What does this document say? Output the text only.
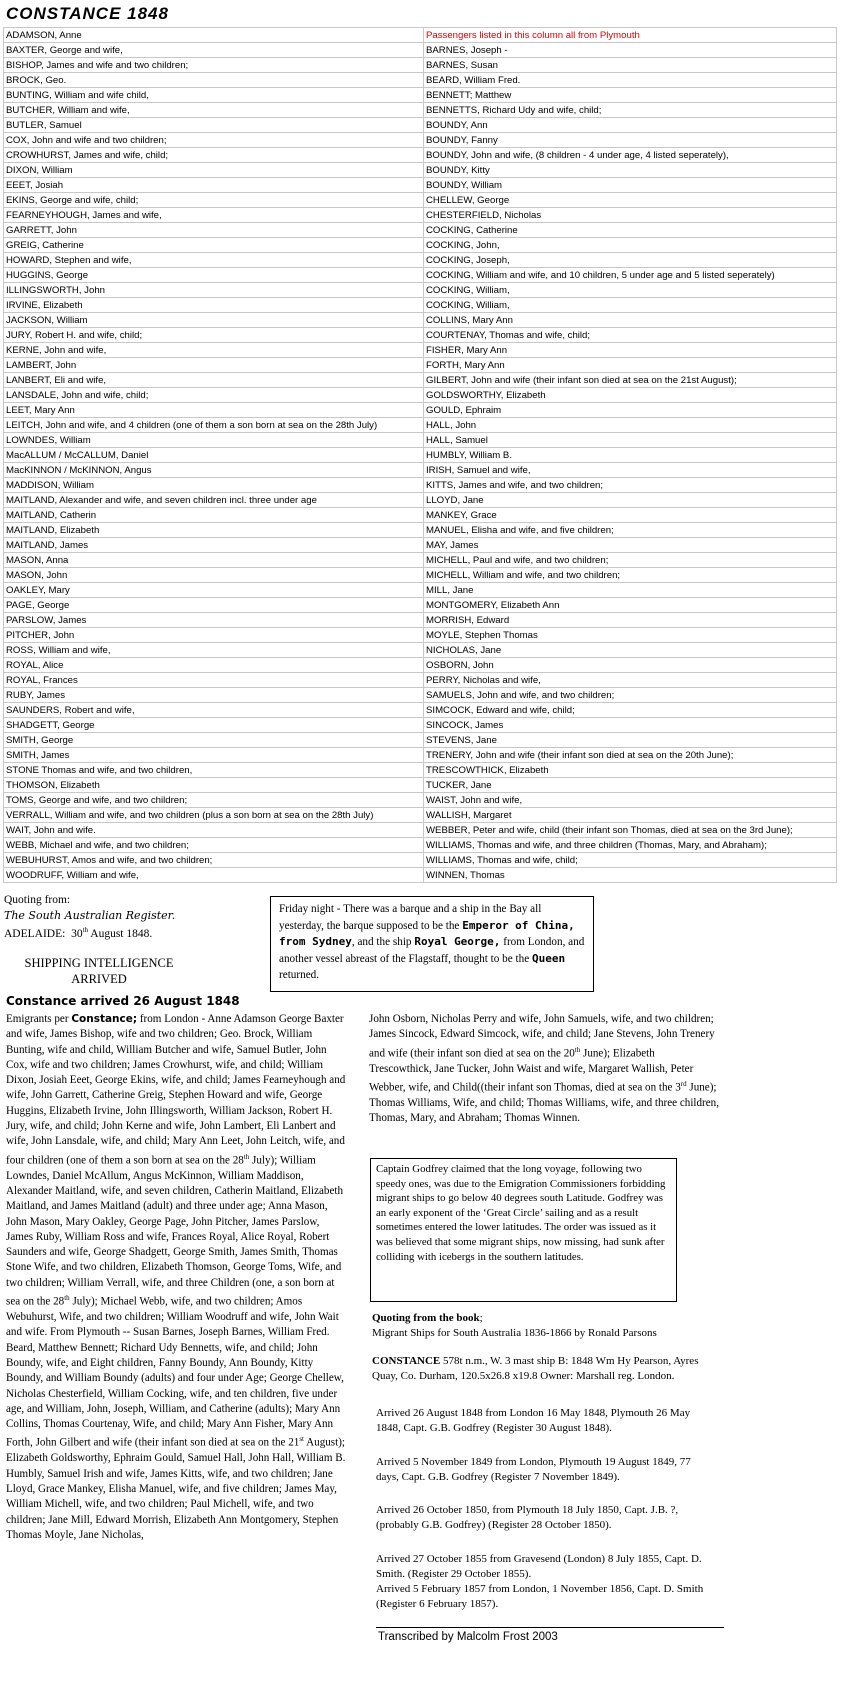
CONSTANCE 1848
ADAMSON, Anne	Passengers listed in this column all from Plymouth
BAXTER, George and wife,	BARNES, Joseph -
BISHOP, James and wife and two children;	BARNES, Susan
BROCK, Geo.	BEARD, William Fred.
BUNTING, William and wife child,	BENNETT; Matthew
BUTCHER, William and wife,	BENNETTS, Richard Udy and wife, child;
BUTLER, Samuel	BOUNDY, Ann
COX, John and wife and two children;	BOUNDY, Fanny
CROWHURST, James and wife, child;	BOUNDY, John and wife, (8 children - 4 under age, 4 listed seperately),
DIXON, William	BOUNDY, Kitty
EEET, Josiah	BOUNDY, William
EKINS, George and wife, child;	CHELLEW, George
FEARNEYHOUGH, James and wife,	CHESTERFIELD, Nicholas
GARRETT, John	COCKING, Catherine
GREIG, Catherine	COCKING, John,
HOWARD, Stephen and wife,	COCKING, Joseph,
HUGGINS, George	COCKING, William and wife, and 10 children, 5 under age and 5 listed seperately)
ILLINGSWORTH, John	COCKING, William,
IRVINE, Elizabeth	COCKING, William,
JACKSON, William	COLLINS, Mary Ann
JURY, Robert H. and wife, child;	COURTENAY, Thomas and wife, child;
KERNE, John and wife,	FISHER, Mary Ann
LAMBERT, John	FORTH, Mary Ann
LANBERT, Eli and wife,	GILBERT, John and wife (their infant son died at sea on the 21st August);
LANSDALE, John and wife, child;	GOLDSWORTHY, Elizabeth
LEET, Mary Ann	GOULD, Ephraim
LEITCH, John and wife, and 4 children (one of them a son born at sea on the 28th July)	HALL, John
LOWNDES, William	HALL, Samuel
MacALLUM / McCALLUM, Daniel	HUMBLY, William B.
MacKINNON / McKINNON, Angus	IRISH, Samuel and wife,
MADDISON, William	KITTS, James and wife, and two children;
MAITLAND, Alexander and wife, and seven children incl. three under age	LLOYD, Jane
MAITLAND, Catherin	MANKEY, Grace
MAITLAND, Elizabeth	MANUEL, Elisha and wife, and five children;
MAITLAND, James	MAY, James
MASON, Anna	MICHELL, Paul and wife, and two children;
MASON, John	MICHELL, William and wife, and two children;
OAKLEY, Mary	MILL, Jane
PAGE, George	MONTGOMERY, Elizabeth Ann
PARSLOW, James	MORRISH, Edward
PITCHER, John	MOYLE, Stephen Thomas
ROSS, William and wife,	NICHOLAS, Jane
ROYAL, Alice	OSBORN, John
ROYAL, Frances	PERRY, Nicholas and wife,
RUBY, James	SAMUELS, John and wife, and two children;
SAUNDERS, Robert and wife,	SIMCOCK, Edward and wife, child;
SHADGETT, George	SINCOCK, James
SMITH, George	STEVENS, Jane
SMITH, James	TRENERY, John and wife (their infant son died at sea on the 20th June);
STONE Thomas and wife, and two children,	TRESCOWTHICK, Elizabeth
THOMSON, Elizabeth	TUCKER, Jane
TOMS, George and wife, and two children;	WAIST, John and wife,
VERRALL, William and wife, and two children (plus a son born at sea on the 28th July)	WALLISH, Margaret
WAIT, John and wife.	WEBBER, Peter and wife, child (their infant son Thomas, died at sea on the 3rd June);
WEBB, Michael and wife, and two children;	WILLIAMS, Thomas and wife, and three children (Thomas, Mary, and Abraham);
WEBUHURST, Amos and wife, and two children;	WILLIAMS, Thomas and wife, child;
WOODRUFF, William and wife,	WINNEN, Thomas
Quoting from:
The South Australian Register.
ADELAIDE: 30th August 1848.
SHIPPING INTELLIGENCE
ARRIVED
Friday night - There was a barque and a ship in the Bay all yesterday, the barque supposed to be the Emperor of China, from Sydney, and the ship Royal George, from London, and another vessel abreast of the Flagstaff, thought to be the Queen returned.
Constance arrived 26 August 1848
Emigrants per Constance; from London - Anne Adamson George Baxter and wife, James Bishop, wife and two children; Geo. Brock, William Bunting, wife and child, William Butcher and wife, Samuel Butler, John Cox, wife and two children; James Crowhurst, wife, and child; William Dixon, Josiah Eeet, George Ekins, wife, and child; James Fearneyhough and wife, John Garrett, Catherine Greig, Stephen Howard and wife, George Huggins, Elizabeth Irvine, John Illingsworth, William Jackson, Robert H. Jury, wife, and child; John Kerne and wife, John Lambert, Eli Lanbert and wife, John Lansdale, wife, and child; Mary Ann Leet, John Leitch, wife, and four children (one of them a son born at sea on the 28th July); William Lowndes, Daniel McAllum, Angus McKinnon, William Maddison, Alexander Maitland, wife, and seven children, Catherin Maitland, Elizabeth Maitland, and James Maitland (adult) and three under age; Anna Mason, John Mason, Mary Oakley, George Page, John Pitcher, James Parslow, James Ruby, William Ross and wife, Frances Royal, Alice Royal, Robert Saunders and wife, George Shadgett, George Smith, James Smith, Thomas Stone Wife, and two children, Elizabeth Thomson, George Toms, Wife, and two children; William Verrall, wife, and three Children (one, a son born at sea on the 28th July); Michael Webb, wife, and two children; Amos Webuhurst, Wife, and two children; William Woodruff and wife, John Wait and wife. From Plymouth -- Susan Barnes, Joseph Barnes, William Fred. Beard, Matthew Bennett; Richard Udy Bennetts, wife, and child; John Boundy, wife, and Eight children, Fanny Boundy, Ann Boundy, Kitty Boundy, and William Boundy (adults) and four under Age; George Chellew, Nicholas Chesterfield, William Cocking, wife, and ten children, five under age, and William, John, Joseph, William, and Catherine (adults); Mary Ann Collins, Thomas Courtenay, Wife, and child; Mary Ann Fisher, Mary Ann Forth, John Gilbert and wife (their infant son died at sea on the 21st August); Elizabeth Goldsworthy, Ephraim Gould, Samuel Hall, John Hall, William B. Humbly, Samuel Irish and wife, James Kitts, wife, and two children; Jane Lloyd, Grace Mankey, Elisha Manuel, wife, and five children; James May, William Michell, wife, and two children; Paul Michell, wife, and two children; Jane Mill, Edward Morrish, Elizabeth Ann Montgomery, Stephen Thomas Moyle, Jane Nicholas,
John Osborn, Nicholas Perry and wife, John Samuels, wife, and two children; James Sincock, Edward Simcock, wife, and child; Jane Stevens, John Trenery and wife (their infant son died at sea on the 20th June); Elizabeth Trescowthick, Jane Tucker, John Waist and wife, Margaret Wallish, Peter Webber, wife, and Child((their infant son Thomas, died at sea on the 3rd June); Thomas Williams, Wife, and child; Thomas Williams, wife, and three children, Thomas, Mary, and Abraham; Thomas Winnen.
Captain Godfrey claimed that the long voyage, following two speedy ones, was due to the Emigration Commissioners forbidding migrant ships to go below 40 degrees south Latitude. Godfrey was an early exponent of the ‘Great Circle’ sailing and as a result sometimes entered the lower latitudes. The order was issued as it was believed that some migrant ships, now missing, had sunk after colliding with icebergs in the southern latitudes.
Quoting from the book;
Migrant Ships for South Australia 1836-1866 by Ronald Parsons
CONSTANCE 578t n.m., W. 3 mast ship B: 1848 Wm Hy Pearson, Ayres Quay, Co. Durham, 120.5x26.8 x19.8 Owner: Marshall reg. London.
Arrived 26 August 1848 from London 16 May 1848, Plymouth 26 May 1848, Capt. G.B. Godfrey (Register 30 August 1848).
Arrived 5 November 1849 from London, Plymouth 19 August 1849, 77 days, Capt. G.B. Godfrey (Register 7 November 1849).
Arrived 26 October 1850, from Plymouth 18 July 1850, Capt. J.B. ?, (probably G.B. Godfrey) (Register 28 October 1850).
Arrived 27 October 1855 from Gravesend (London) 8 July 1855, Capt. D. Smith. (Register 29 October 1855).
Arrived 5 February 1857 from London, 1 November 1856, Capt. D. Smith (Register 6 February 1857).
Transcribed by Malcolm Frost 2003
